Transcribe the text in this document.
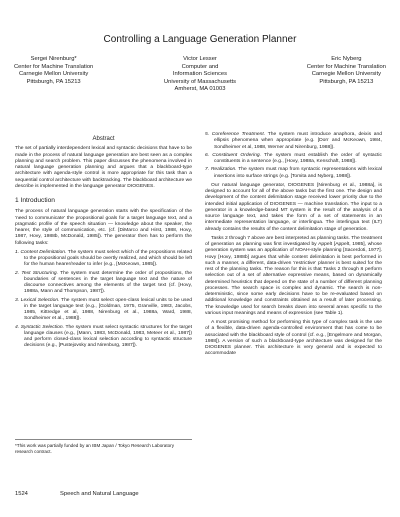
Controlling a Language Generation Planner
Sergei Nirenburg*
Center for Machine Translation
Carnegie Mellon University
Pittsburgh, PA 15213
Victor Lesser
Computer and
Information Sciences
University of Massachusetts
Amherst, MA 01003
Eric Nyberg
Center for Machine Translation
Carnegie Mellon University
Pittsburgh, PA 15213
Abstract

The set of partially interdependent lexical and syntactic decisions that have to be made in the process of natural language generation are best seen as a complex planning and search problem. This paper discusses the phenomena involved in natural language generation planning and argues that a blackboard-type architecture with agenda-style control is more appropriate for this task than a sequential control architecture with backtracking. The blackboard architecture we describe is implemented in the language generator DIOGENES.

1 Introduction

The process of natural language generation starts with the specification of the 'need to communicate' the propositional goals for a target language text, and a pragmatic profile of the speech situation — knowledge about the speaker, the hearer, the style of communication, etc. (cf. [DiMarco and Hirst, 1988, Hovy, 1987, Hovy, 1988b, McDonald, 1985]). The generator then has to perform the following tasks:

1. Content Delimitation. The system must select which of the propositions related to the propositional goals should be overtly realized, and which should be left for the human hearer/reader to infer (e.g., [McKeown, 1985]).
2. Text Structuring. The system must determine the order of propositions, the boundaries of sentences in the target language text and the nature of discourse connectives among the elements of the target text (cf. [Hovy, 1988a, Mann and Thompson, 1987]).
3. Lexical Selection. The system must select open-class lexical units to be used in the target language text (e.g., [Goldman, 1975, Granville, 1983, Jacobs, 1985, Kittredge et al, 1988, Nirenburg et al., 1988a, Ward, 1988, Sondheimer et al., 1988]).
4. Syntactic Selection. The system must select syntactic structures for the target language clauses (e.g., [Mann, 1983, McDonald, 1983, Meteer et al., 1987]) and perform closed-class lexical selection according to syntactic structure decisions (e.g., [Pustejovsky and Nirenburg, 1987]).
*This work was partially funded by an IBM Japan / Tokyo Research Laboratory research contract.
5. Coreference Treatment. The system must introduce anaphora, deixis and ellipsis phenomena when appropriate (e.g. [Dorr and McKeown, 1984, Sondheimer et al, 1988, Werner and Nirenburg, 1988]).
6. Constituent Ordering. The system must establish the order of syntactic constituents in a sentence (e.g., [Hovy, 1988a, Kenschaft, 1988]).
7. Realization. The system must map from syntactic representations with lexical insertions into surface strings (e.g. [Tomita and Nyberg, 1988]).

Our natural language generator, DIOGENES [Nirenburg et al., 1988a], is designed to account for all of the above tasks but the first one. The design and development of the content delimitation stage received lower priority due to the intended initial application of DIOGENES — machine translation. The input to a generator in a knowledge-based MT system is the result of the analysis of a source language text, and takes the form of a set of statements in an intermediate representation language, or interlingua. The interlingua text (ILT) already contains the results of the content delimitation stage of generation.

Tasks 2 through 7 above are best interpreted as planning tasks. The treatment of generation as planning was first investigated by Appelt [Appelt, 1985], whose generation system was an application of NOAH-style planning [Sacerdoti, 1977]. Hovy [Hovy, 1988b] argues that while content delimitation is best performed in such a manner, a different, data-driven 'restrictive' planner is best suited for the rest of the planning tasks. The reason for this is that Tasks 2 through 8 perform selection out of a set of alternative expressive means, based on dynamically determined heuristics that depend on the state of a number of different planning processes. The search space is complex and dynamic. The search is non-deterministic, since some early decisions have to be re-evaluated based on additional knowledge and constraints obtained as a result of later processing. The knowledge used for search breaks down into several areas specific to the various input meanings and means of expression (see Table 1).

A most promising method for performing this type of complex task is the use of a flexible, data-driven agenda-controlled environment that has come to be associated with the blackboard style of control (cf. e.g., [Engelmore and Morgan, 1988]). A version of such a blackboard-type architecture was designed for the DIOGENES planner. This architecture is very general and is expected to accommodate

1524	Speech and Natural Language
